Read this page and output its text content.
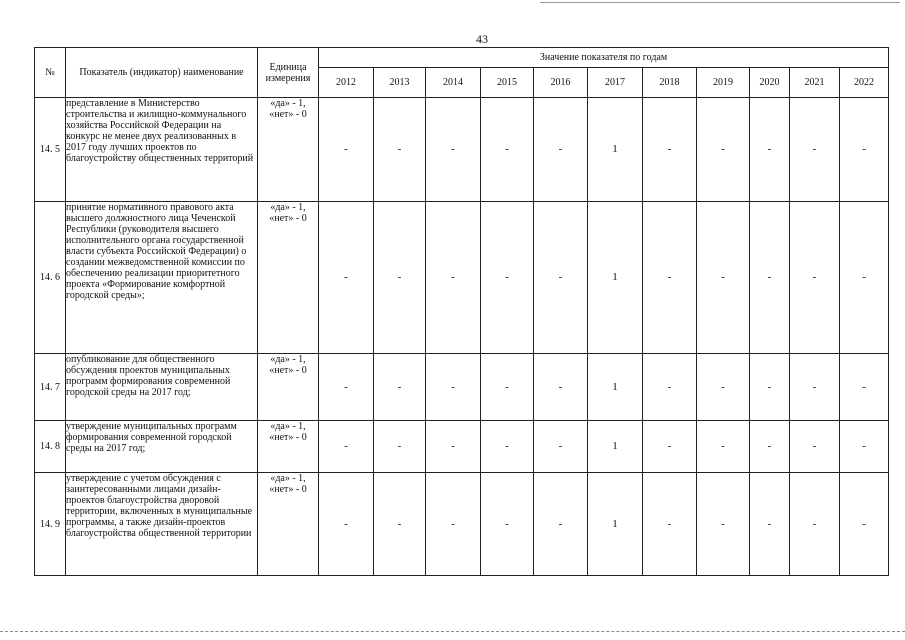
43
№	Показатель (индикатор) наименование	Единица измерения	Значение показателя по годам										
			2012	2013	2014	2015	2016	2017	2018	2019	2020	2021	2022
14. 5	представление в Министерство строительства и жилищно-коммунального хозяйства Российской Федерации на конкурс не менее двух реализованных в 2017 году лучших проектов по благоустройству общественных территорий	«да» - 1, «нет» - 0	-	-	-	-	-	1	-	-	-	-	-
14. 6	принятие нормативного правового акта высшего должностного лица Чеченской Республики (руководителя высшего исполнительного органа государственной власти субъекта Российской Федерации) о создании межведомственной комиссии по обеспечению реализации приоритетного проекта «Формирование комфортной городской среды»;	«да» - 1, «нет» - 0	-	-	-	-	-	1	-	-	-	-	-
14. 7	опубликование для общественного обсуждения проектов муниципальных программ формирования современной городской среды на 2017 год;	«да» - 1, «нет» - 0	-	-	-	-	-	1	-	-	-	-	-
14. 8	утверждение муниципальных программ формирования современной городской среды на 2017 год;	«да» - 1, «нет» - 0	-	-	-	-	-	1	-	-	-	-	-
14. 9	утверждение с учетом обсуждения с заинтересованными лицами дизайн-проектов благоустройства дворовой территории, включенных в муниципальные программы, а также дизайн-проектов благоустройства общественной территории	«да» - 1, «нет» - 0	-	-	-	-	-	1	-	-	-	-	-
